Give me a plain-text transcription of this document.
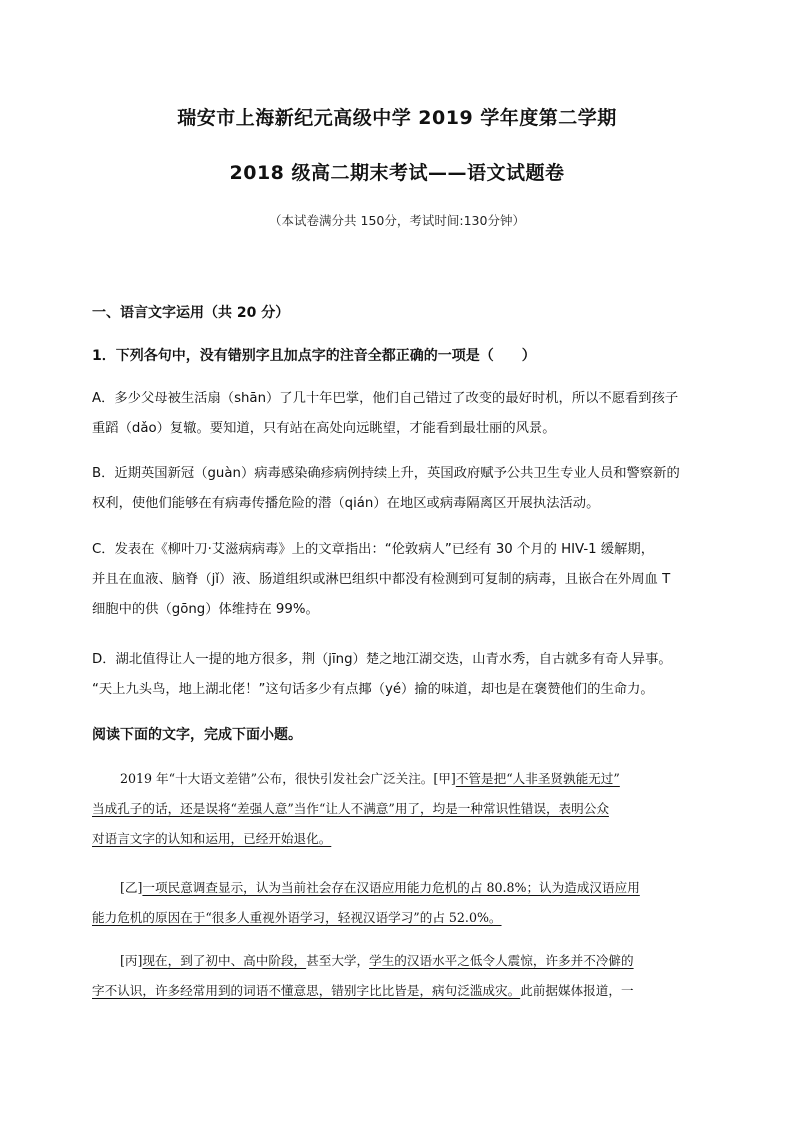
瑞安市上海新纪元高级中学 2019 学年度第二学期
2018 级高二期末考试——语文试题卷
（本试卷满分共 150分，考试时间:130分钟）
一、语言文字运用（共 20 分）
1．下列各句中，没有错别字且加点字的注音全都正确的一项是（　　）
A．多少父母被生活扇（shān）了几十年巴掌，他们自己错过了改变的最好时机，所以不愿看到孩子
重蹈（dǎo）复辙。要知道，只有站在高处向远眺望，才能看到最壮丽的风景。
B．近期英国新冠（guàn）病毒感染确疹病例持续上升，英国政府赋予公共卫生专业人员和警察新的
权利，使他们能够在有病毒传播危险的潜（qián）在地区或病毒隔离区开展执法活动。
C．发表在《柳叶刀·艾滋病病毒》上的文章指出：“伦敦病人”已经有 30 个月的 HIV-1 缓解期，
并且在血液、脑脊（jǐ）液、肠道组织或淋巴组织中都没有检测到可复制的病毒，且嵌合在外周血 T
细胞中的供（gōng）体维持在 99%。
D．湖北值得让人一提的地方很多，荆（jīng）楚之地江湖交迭，山青水秀，自古就多有奇人异事。
“天上九头鸟，地上湖北佬！”这句话多少有点揶（yé）揄的味道，却也是在褒赞他们的生命力。
阅读下面的文字，完成下面小题。
2019 年“十大语文差错”公布，很快引发社会广泛关注。[甲]不管是把“人非圣贤孰能无过”
当成孔子的话，还是误将“差强人意”当作“让人不满意”用了，均是一种常识性错误，表明公众
对语言文字的认知和运用，已经开始退化。
[乙]一项民意调查显示，认为当前社会存在汉语应用能力危机的占 80.8%；认为造成汉语应用
能力危机的原因在于“很多人重视外语学习，轻视汉语学习”的占 52.0%。
[丙]现在，到了初中、高中阶段，甚至大学，学生的汉语水平之低令人震惊，许多并不冷僻的
字不认识，许多经常用到的词语不懂意思，错别字比比皆是，病句泛滥成灾。此前据媒体报道，一
